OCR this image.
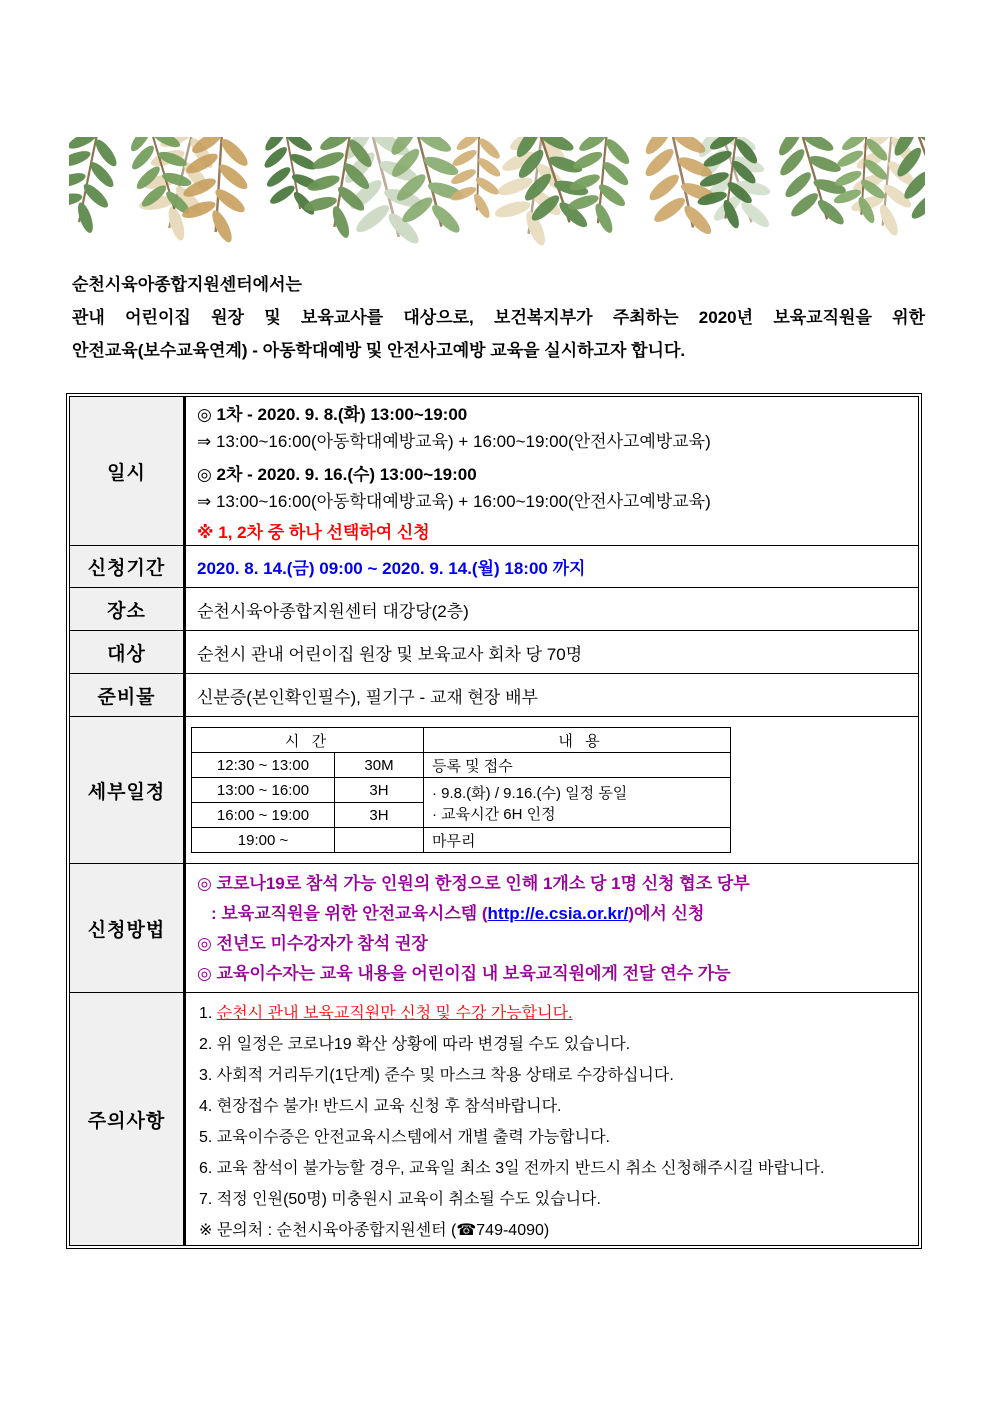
순천시육아종합지원센터에서는
관내 어린이집 원장 및 보육교사를 대상으로, 보건복지부가 주최하는 2020년 보육교직원을 위한
안전교육(보수교육연계) - 아동학대예방 및 안전사고예방 교육을 실시하고자 합니다.
일시
◎ 1차 - 2020. 9. 8.(화) 13:00~19:00
⇒ 13:00~16:00(아동학대예방교육) + 16:00~19:00(안전사고예방교육)
◎ 2차 - 2020. 9. 16.(수) 13:00~19:00
⇒ 13:00~16:00(아동학대예방교육) + 16:00~19:00(안전사고예방교육)
※ 1, 2차 중 하나 선택하여 신청
신청기간	2020. 8. 14.(금) 09:00 ~ 2020. 9. 14.(월) 18:00 까지
장소	순천시육아종합지원센터 대강당(2층)
대상	순천시 관내 어린이집 원장 및 보육교사 회차 당 70명
준비물	신분증(본인확인필수), 필기구 - 교재 현장 배부
세부일정
시 간		내 용
12:30 ~ 13:00	30M	등록 및 접수
13:00 ~ 16:00	3H	· 9.8.(화) / 9.16.(수) 일정 동일
· 교육시간 6H 인정

16:00 ~ 19:00	3H	
19:00 ~		마무리
신청방법
◎ 코로나19로 참석 가능 인원의 한정으로 인해 1개소 당 1명 신청 협조 당부
: 보육교직원을 위한 안전교육시스템 (http://e.csia.or.kr/)에서 신청
◎ 전년도 미수강자가 참석 권장
◎ 교육이수자는 교육 내용을 어린이집 내 보육교직원에게 전달 연수 가능
주의사항
1. 순천시 관내 보육교직원만 신청 및 수강 가능합니다.
2. 위 일정은 코로나19 확산 상황에 따라 변경될 수도 있습니다.
3. 사회적 거리두기(1단계) 준수 및 마스크 착용 상태로 수강하십니다.
4. 현장접수 불가! 반드시 교육 신청 후 참석바랍니다.
5. 교육이수증은 안전교육시스템에서 개별 출력 가능합니다.
6. 교육 참석이 불가능할 경우, 교육일 최소 3일 전까지 반드시 취소 신청해주시길 바랍니다.
7. 적정 인원(50명) 미충원시 교육이 취소될 수도 있습니다.
※ 문의처 : 순천시육아종합지원센터 (☎749-4090)
